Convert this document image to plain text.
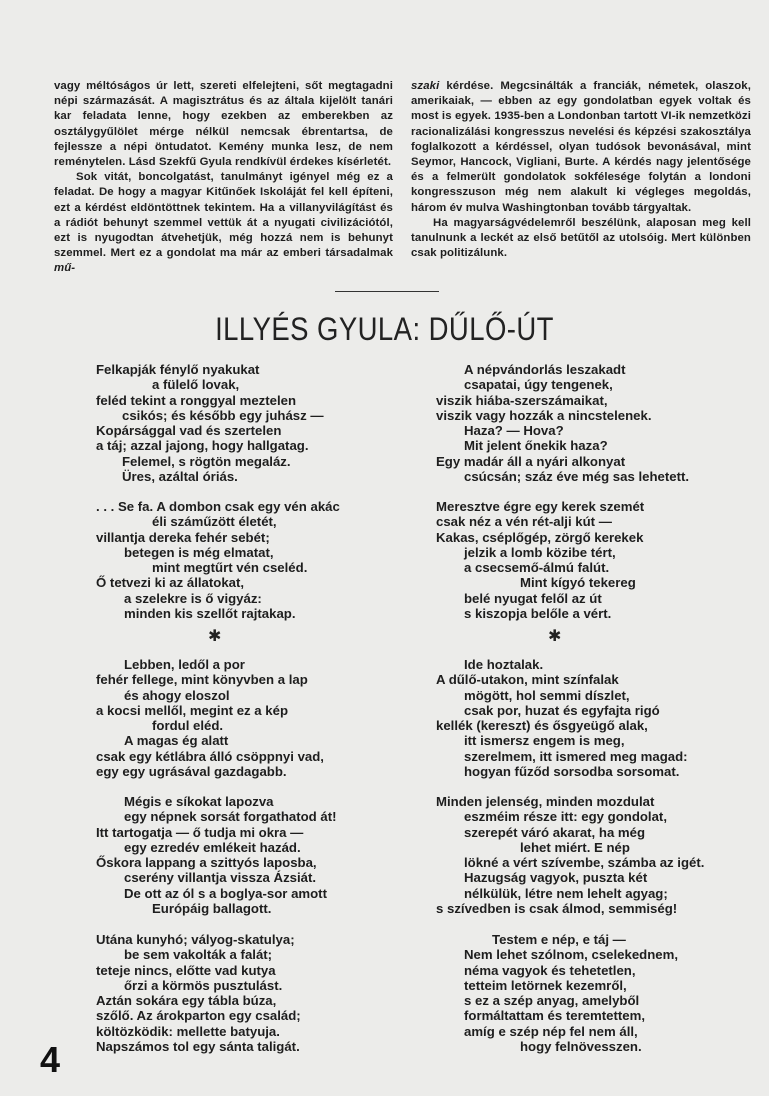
vagy méltóságos úr lett, szereti elfelejteni, sőt megtagadni népi származását. A magisztrátus és az általa kijelölt tanári kar feladata lenne, hogy ezekben az emberekben az osztálygyűlölet mérge nélkül nemcsak ébrentartsa, de fejlessze a népi öntudatot. Kemény munka lesz, de nem reménytelen. Lásd Szekfű Gyula rendkívül érdekes kísérletét.

Sok vitát, boncolgatást, tanulmányt igényel még ez a feladat. De hogy a magyar Kitűnőek Iskoláját fel kell építeni, ezt a kérdést eldöntöttnek tekintem. Ha a villanyvilágítást és a rádiót behunyt szemmel vettük át a nyugati civilizációtól, ezt is nyugodtan átvehetjük, még hozzá nem is behunyt szemmel. Mert ez a gondolat ma már az emberi társadalmak mű-

szaki kérdése. Megcsinálták a franciák, németek, olaszok, amerikaiak, — ebben az egy gondolatban egyek voltak és most is egyek. 1935-ben a Londonban tartott VI-ik nemzetközi racionalizálási kongresszus nevelési és képzési szakosztálya foglalkozott a kérdéssel, olyan tudósok bevonásával, mint Seymor, Hancock, Vigliani, Burte. A kérdés nagy jelentősége és a felmerült gondolatok sokfélesége folytán a londoni kongresszuson még nem alakult ki végleges megoldás, három év mulva Washingtonban tovább tárgyaltak.

Ha magyarságvédelemről beszélünk, alaposan meg kell tanulnunk a leckét az első betűtől az utolsóig. Mert különben csak politizálunk.

ILLYÉS GYULA: DŰLŐ-ÚT
Felkapják fénylő nyakukat
a fülelő lovak,
feléd tekint a ronggyal meztelen
csikós; és később egy juhász —
Kopársággal vad és szertelen
a táj; azzal jajong, hogy hallgatag.
Felemel, s rögtön megaláz.
Üres, azáltal óriás.
. . . Se fa. A dombon csak egy vén akác
éli száműzött életét,
villantja dereka fehér sebét;
betegen is még elmatat,
mint megtűrt vén cseléd.
Ő tetvezi ki az állatokat,
a szelekre is ő vigyáz:
minden kis szellőt rajtakap.
Lebben, ledől a por
fehér fellege, mint könyvben a lap
és ahogy eloszol
a kocsi mellől, megint ez a kép
fordul eléd.
A magas ég alatt
csak egy kétlábra álló csöppnyi vad,
egy egy ugrásával gazdagabb.
Mégis e síkokat lapozva
egy népnek sorsát forgathatod át!
Itt tartogatja — ő tudja mi okra —
egy ezredév emlékeit hazád.
Őskora lappang a szittyós laposba,
cserény villantja vissza Ázsiát.
De ott az ól s a boglya-sor amott
Európáig ballagott.
Utána kunyhó; vályog-skatulya;
be sem vakolták a falát;
teteje nincs, előtte vad kutya
őrzi a körmös pusztulást.
Aztán sokára egy tábla búza,
szőlő. Az árokparton egy család;
költözködik: mellette batyuja.
Napszámos tol egy sánta taligát.
A népvándorlás leszakadt
csapatai, úgy tengenek,
viszik hiába-szerszámaikat,
viszik vagy hozzák a nincstelenek.
Haza? — Hova?
Mit jelent őnekik haza?
Egy madár áll a nyári alkonyat
csúcsán; száz éve még sas lehetett.
Meresztve égre egy kerek szemét
csak néz a vén rét-alji kút —
Kakas, cséplőgép, zörgő kerekek
jelzik a lomb közibe tért,
a csecsemő-álmú falút.
Mint kígyó tekereg
belé nyugat felől az út
s kiszopja belőle a vért.
Ide hoztalak.
A dűlő-utakon, mint színfalak
mögött, hol semmi díszlet,
csak por, huzat és egyfajta rigó
kellék (kereszt) és ősgyeügő alak,
itt ismersz engem is meg,
szerelmem, itt ismered meg magad:
hogyan fűződ sorsodba sorsomat.
Minden jelenség, minden mozdulat
eszméim része itt: egy gondolat,
szerepét váró akarat, ha még
lehet miért. E nép
lökné a vért szívembe, számba az igét.
Hazugság vagyok, puszta két
nélkülük, létre nem lehelt agyag;
s szívedben is csak álmod, semmiség!
Testem e nép, e táj —
Nem lehet szólnom, cselekednem,
néma vagyok és tehetetlen,
tetteim letörnek kezemről,
s ez a szép anyag, amelyből
formáltattam és teremtettem,
amíg e szép nép fel nem áll,
hogy felnövesszen.
✱	✱
4
